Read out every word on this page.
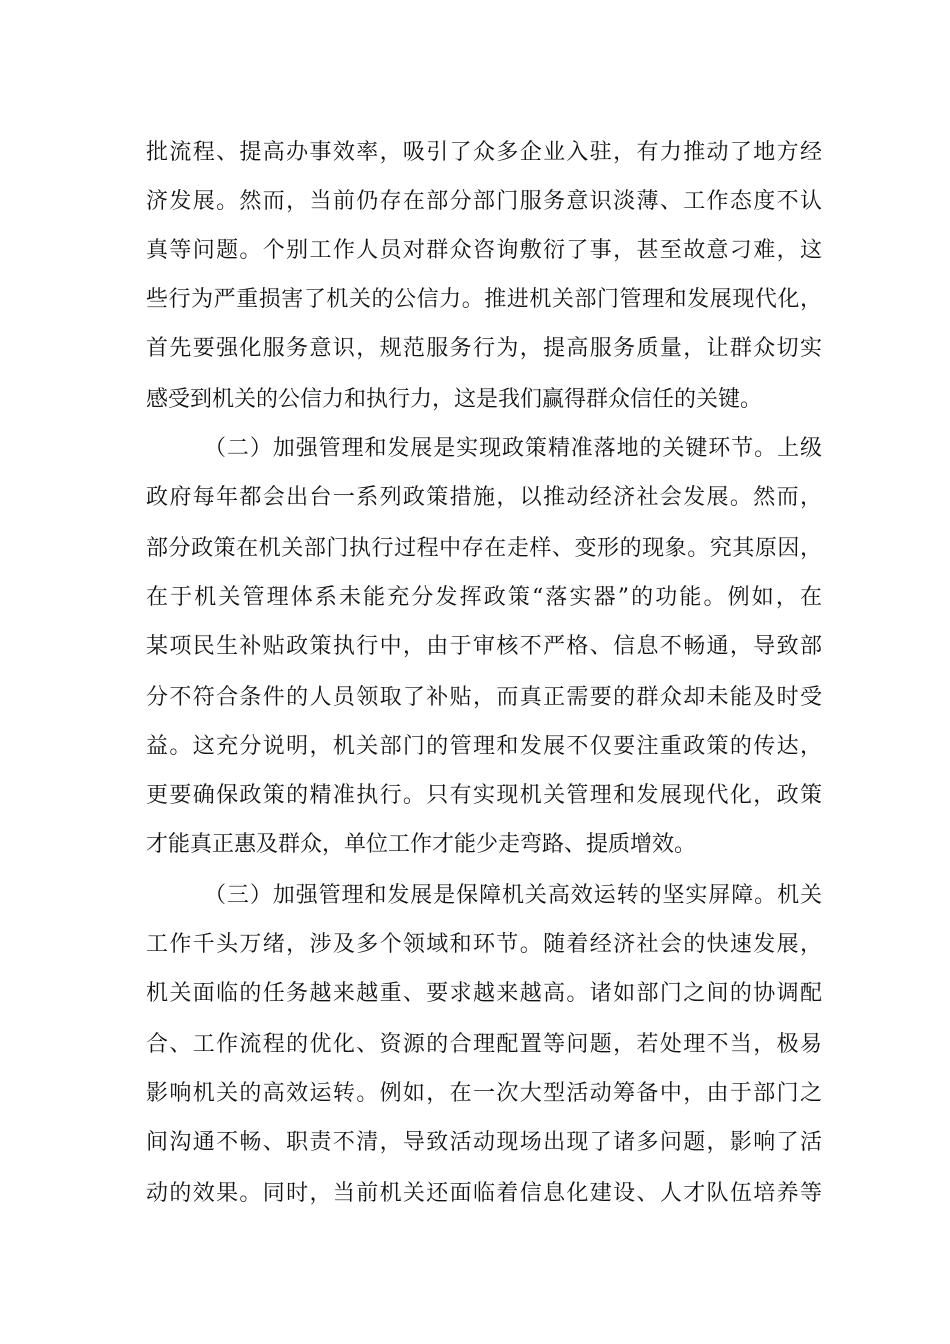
批流程、提高办事效率，吸引了众多企业入驻，有力推动了地方经
济发展。然而，当前仍存在部分部门服务意识淡薄、工作态度不认
真等问题。个别工作人员对群众咨询敷衍了事，甚至故意刁难，这
些行为严重损害了机关的公信力。推进机关部门管理和发展现代化，
首先要强化服务意识，规范服务行为，提高服务质量，让群众切实
感受到机关的公信力和执行力，这是我们赢得群众信任的关键。
（二）加强管理和发展是实现政策精准落地的关键环节。上级
政府每年都会出台一系列政策措施，以推动经济社会发展。然而，
部分政策在机关部门执行过程中存在走样、变形的现象。究其原因，
在于机关管理体系未能充分发挥政策“落实器”的功能。例如，在
某项民生补贴政策执行中，由于审核不严格、信息不畅通，导致部
分不符合条件的人员领取了补贴，而真正需要的群众却未能及时受
益。这充分说明，机关部门的管理和发展不仅要注重政策的传达，
更要确保政策的精准执行。只有实现机关管理和发展现代化，政策
才能真正惠及群众，单位工作才能少走弯路、提质增效。
（三）加强管理和发展是保障机关高效运转的坚实屏障。机关
工作千头万绪，涉及多个领域和环节。随着经济社会的快速发展，
机关面临的任务越来越重、要求越来越高。诸如部门之间的协调配
合、工作流程的优化、资源的合理配置等问题，若处理不当，极易
影响机关的高效运转。例如，在一次大型活动筹备中，由于部门之
间沟通不畅、职责不清，导致活动现场出现了诸多问题，影响了活
动的效果。同时，当前机关还面临着信息化建设、人才队伍培养等
